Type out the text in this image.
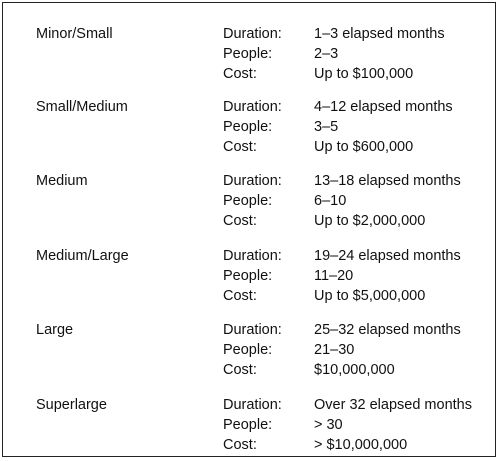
Minor/Small	Duration: 1–3 elapsed months
People:	2–3
Cost:	Up to $100,000
Small/Medium	Duration: 4–12 elapsed months
People:	3–5
Cost:	Up to $600,000
Medium	Duration: 13–18 elapsed months
People:	6–10
Cost:	Up to $2,000,000
Medium/Large	Duration: 19–24 elapsed months
People:	11–20
Cost:	Up to $5,000,000
Large	Duration: 25–32 elapsed months
People:	21–30
Cost:	$10,000,000
Superlarge	Duration: Over 32 elapsed months
People:	> 30
Cost:	> $10,000,000
